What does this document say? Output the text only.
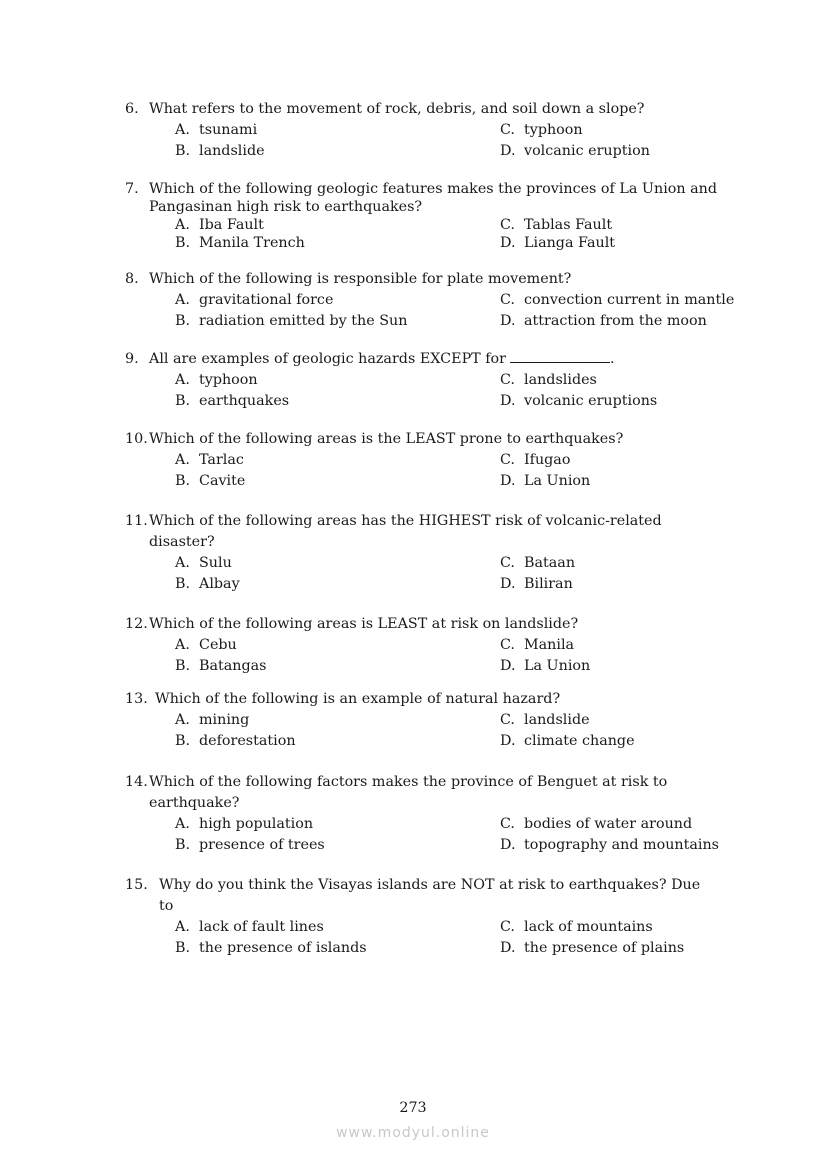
6. What refers to the movement of rock, debris, and soil down a slope?
A. tsunami
B. landslide
C. typhoon
D. volcanic eruption
7. Which of the following geologic features makes the provinces of La Union and
Pangasinan high risk to earthquakes?
A. Iba Fault
B. Manila Trench
C. Tablas Fault
D. Lianga Fault
8. Which of the following is responsible for plate movement?
A. gravitational force
B. radiation emitted by the Sun
C. convection current in mantle
D. attraction from the moon
9. All are examples of geologic hazards EXCEPT for	.
A. typhoon
B. earthquakes
C. landslides
D. volcanic eruptions
10. Which of the following areas is the LEAST prone to earthquakes?
A. Tarlac
B. Cavite
C. Ifugao
D. La Union
11. Which of the following areas has the HIGHEST risk of volcanic-related
disaster?
A. Sulu
B. Albay
C. Bataan
D. Biliran
12. Which of the following areas is LEAST at risk on landslide?
A. Cebu
B. Batangas
C. Manila
D. La Union
13. Which of the following is an example of natural hazard?
A. mining
B. deforestation
C. landslide
D. climate change
14. Which of the following factors makes the province of Benguet at risk to
earthquake?
A. high population
B. presence of trees
C. bodies of water around
D. topography and mountains
15. Why do you think the Visayas islands are NOT at risk to earthquakes? Due
to
A. lack of fault lines
B. the presence of islands
C. lack of mountains
D. the presence of plains
273
www.modyul.online
